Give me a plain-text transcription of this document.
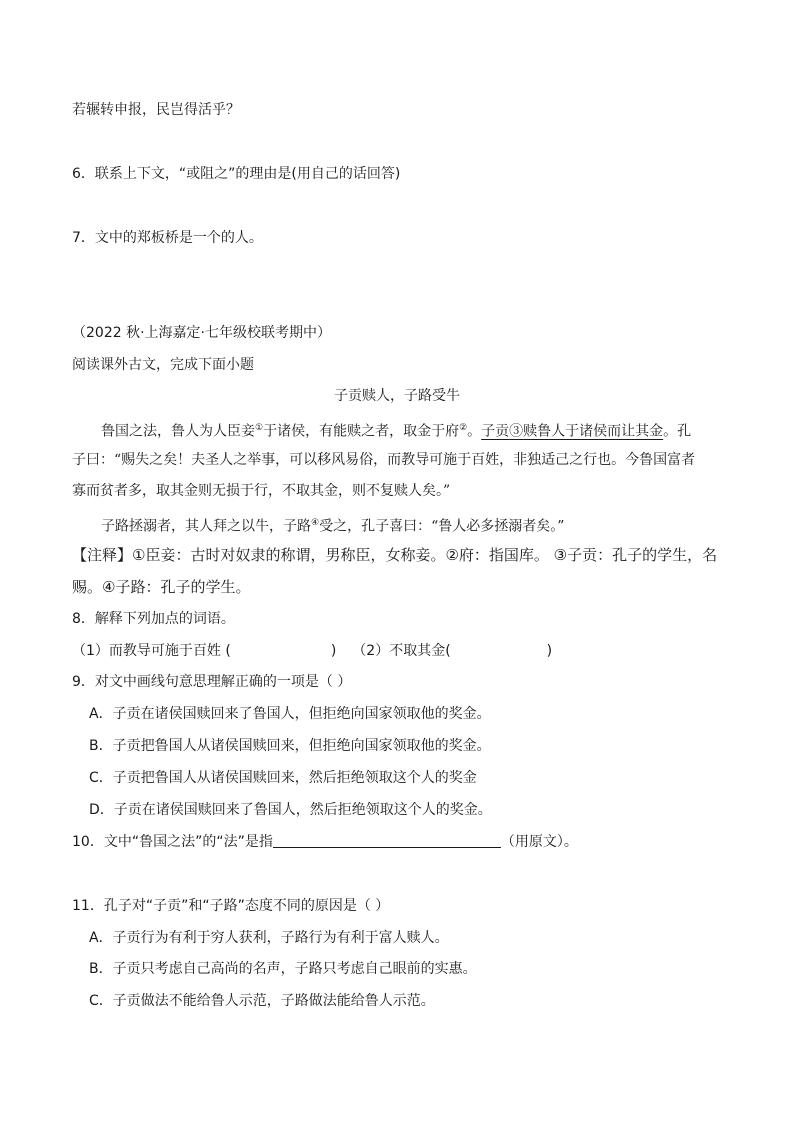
若辗转申报，民岂得活乎？
6．联系上下文，“或阻之”的理由是(用自己的话回答)
7．文中的郑板桥是一个的人。
（2022 秋·上海嘉定·七年级校联考期中）
阅读课外古文，完成下面小题
子贡赎人，子路受牛
鲁国之法，鲁人为人臣妾①于诸侯，有能赎之者，取金于府②。子贡③赎鲁人于诸侯而让其金。孔
子曰：“赐失之矣！夫圣人之举事，可以移风易俗，而教导可施于百姓，非独适己之行也。今鲁国富者
寡而贫者多，取其金则无损于行，不取其金，则不复赎人矣。”
子路拯溺者，其人拜之以牛，子路④受之，孔子喜曰：“鲁人必多拯溺者矣。”
【注释】①臣妾：古时对奴隶的称谓，男称臣，女称妾。②府：指国库。 ③子贡：孔子的学生，名
赐。④子路：孔子的学生。
8．解释下列加点的词语。
（1）而教导可施于百姓 (	) （2）不取其金(	)
9．对文中画线句意思理解正确的一项是（ ）
A．子贡在诸侯国赎回来了鲁国人，但拒绝向国家领取他的奖金。
B．子贡把鲁国人从诸侯国赎回来，但拒绝向国家领取他的奖金。
C．子贡把鲁国人从诸侯国赎回来，然后拒绝领取这个人的奖金
D．子贡在诸侯国赎回来了鲁国人，然后拒绝领取这个人的奖金。
10．文中“鲁国之法”的“法”是指	（用原文）。
11．孔子对“子贡”和“子路”态度不同的原因是（ ）
A．子贡行为有利于穷人获利，子路行为有利于富人赎人。
B．子贡只考虑自己高尚的名声，子路只考虑自己眼前的实惠。
C．子贡做法不能给鲁人示范，子路做法能给鲁人示范。
